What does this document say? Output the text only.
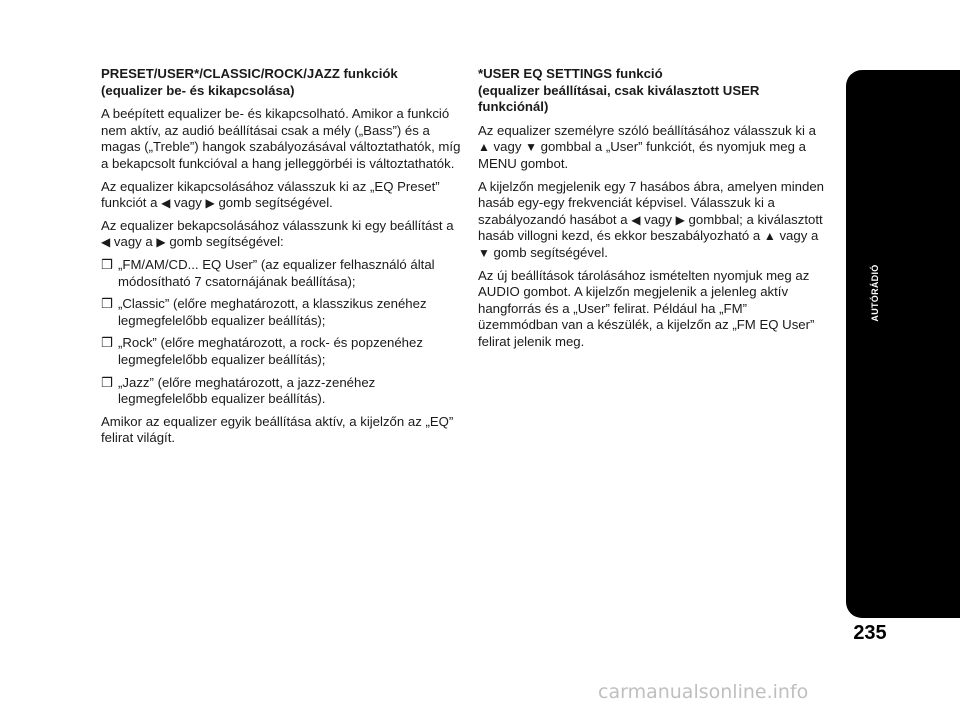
PRESET/USER*/CLASSIC/ROCK/JAZZ funkciók
(equalizer be- és kikapcsolása)

A beépített equalizer be- és kikapcsolható. Amikor a funkció nem aktív, az audió beállításai csak a mély („Bass”) és a magas („Treble”) hangok szabályozásával változtathatók, míg a bekapcsolt funkcióval a hang jelleggörbéi is változtathatók.

Az equalizer kikapcsolásához válasszuk ki az „EQ Preset” funkciót a ◀ vagy ▶ gomb segítségével.

Az equalizer bekapcsolásához válasszunk ki egy beállítást a ◀ vagy a ▶ gomb segítségével:

❒ „FM/AM/CD... EQ User” (az equalizer felhasználó által módosítható 7 csatornájának beállítása);
❒ „Classic” (előre meghatározott, a klasszikus zenéhez legmegfelelőbb equalizer beállítás);
❒ „Rock” (előre meghatározott, a rock- és popzenéhez legmegfelelőbb equalizer beállítás);
❒ „Jazz” (előre meghatározott, a jazz-zenéhez legmegfelelőbb equalizer beállítás).

Amikor az equalizer egyik beállítása aktív, a kijelzőn az „EQ” felirat világít.

*USER EQ SETTINGS funkció
(equalizer beállításai, csak kiválasztott USER funkciónál)

Az equalizer személyre szóló beállításához válasszuk ki a ▲ vagy ▼ gombbal a „User” funkciót, és nyomjuk meg a MENU gombot.

A kijelzőn megjelenik egy 7 hasábos ábra, amelyen minden hasáb egy-egy frekvenciát képvisel. Válasszuk ki a szabályozandó hasábot a ◀ vagy ▶ gombbal; a kiválasztott hasáb villogni kezd, és ekkor beszabályozható a ▲ vagy a ▼ gomb segítségével.

Az új beállítások tárolásához ismételten nyomjuk meg az AUDIO gombot. A kijelzőn megjelenik a jelenleg aktív hangforrás és a „User” felirat. Például ha „FM” üzemmódban van a készülék, a kijelzőn az „FM EQ User” felirat jelenik meg.

AUTÓRÁDIÓ
235
carmanualsonline.info
